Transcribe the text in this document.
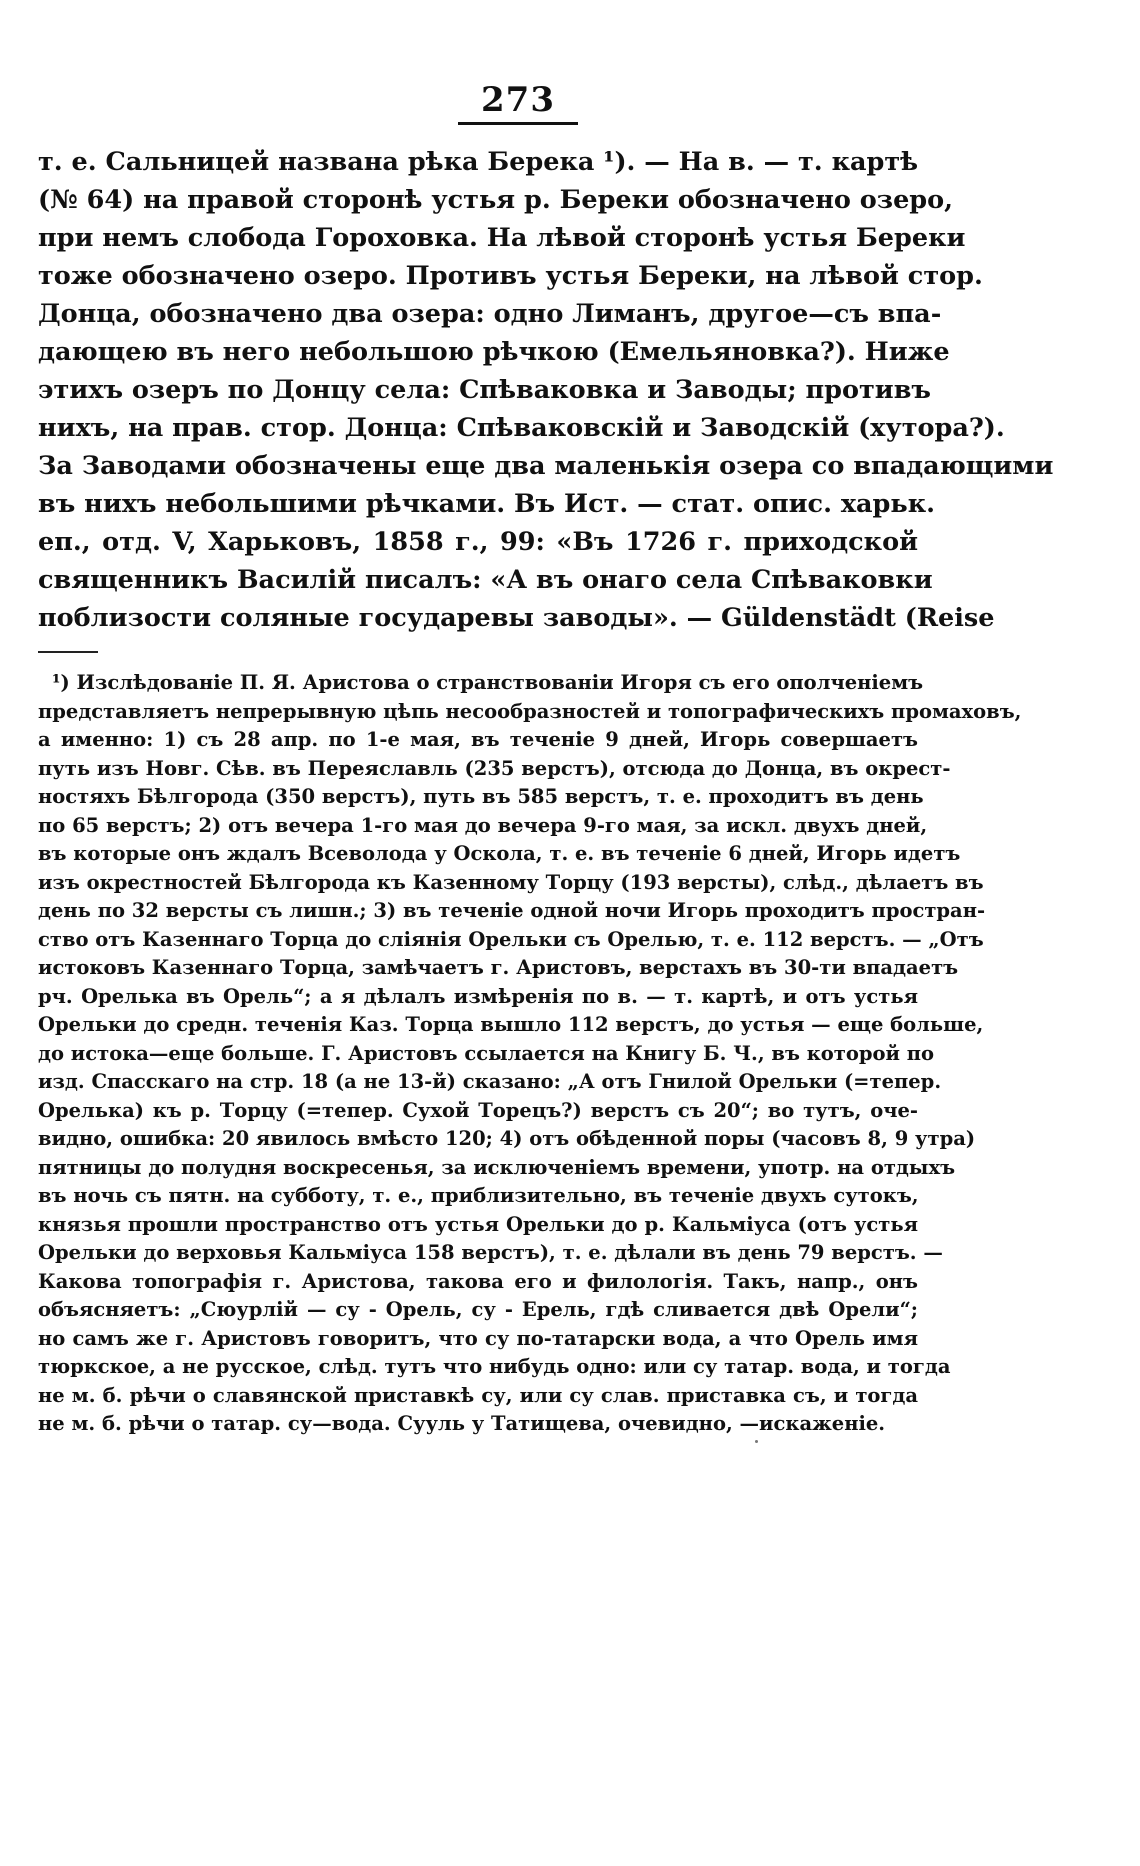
273
т. е. Сальницей названа рѣка Берека ¹). — На в. — т. картѣ
(№ 64) на правой сторонѣ устья р. Береки обозначено озеро,
при немъ слобода Гороховка. На лѣвой сторонѣ устья Береки
тоже обозначено озеро. Противъ устья Береки, на лѣвой стор.
Донца, обозначено два озера: одно Лиманъ, другое—съ впа-
дающею въ него небольшою рѣчкою (Емельяновка?). Ниже
этихъ озеръ по Донцу села: Спѣваковка и Заводы; противъ
нихъ, на прав. стор. Донца: Спѣваковскій и Заводскій (хутора?).
За Заводами обозначены еще два маленькія озера со впадающими
въ нихъ небольшими рѣчками. Въ Ист. — стат. опис. харьк.
еп., отд. V, Харьковъ, 1858 г., 99: «Въ 1726 г. приходской
священникъ Василій писалъ: «А въ онаго села Спѣваковки
поблизости соляные государевы заводы». — Güldenstädt (Reise
¹) Изслѣдованіе П. Я. Аристова о странствованіи Игоря съ его ополченіемъ
представляетъ непрерывную цѣпь несообразностей и топографическихъ промаховъ,
а именно: 1) съ 28 апр. по 1-е мая, въ теченіе 9 дней, Игорь совершаетъ
путь изъ Новг. Сѣв. въ Переяславль (235 верстъ), отсюда до Донца, въ окрест-
ностяхъ Бѣлгорода (350 верстъ), путь въ 585 верстъ, т. е. проходитъ въ день
по 65 верстъ; 2) отъ вечера 1-го мая до вечера 9-го мая, за искл. двухъ дней,
въ которые онъ ждалъ Всеволода у Оскола, т. е. въ теченіе 6 дней, Игорь идетъ
изъ окрестностей Бѣлгорода къ Казенному Торцу (193 версты), слѣд., дѣлаетъ въ
день по 32 версты съ лишн.; 3) въ теченіе одной ночи Игорь проходитъ простран-
ство отъ Казеннаго Торца до сліянія Орельки съ Орелью, т. е. 112 верстъ. — „Отъ
истоковъ Казеннаго Торца, замѣчаетъ г. Аристовъ, верстахъ въ 30-ти впадаетъ
рч. Орелька въ Орель“; а я дѣлалъ измѣренія по в. — т. картѣ, и отъ устья
Орельки до средн. теченія Каз. Торца вышло 112 верстъ, до устья — еще больше,
до истока—еще больше. Г. Аристовъ ссылается на Книгу Б. Ч., въ которой по
изд. Спасскаго на стр. 18 (а не 13-й) сказано: „А отъ Гнилой Орельки (=тепер.
Орелька) къ р. Торцу (=тепер. Сухой Торецъ?) верстъ съ 20“; во тутъ, оче-
видно, ошибка: 20 явилось вмѣсто 120; 4) отъ обѣденной поры (часовъ 8, 9 утра)
пятницы до полудня воскресенья, за исключеніемъ времени, употр. на отдыхъ
въ ночь съ пятн. на субботу, т. е., приблизительно, въ теченіе двухъ сутокъ,
князья прошли пространство отъ устья Орельки до р. Кальміуса (отъ устья
Орельки до верховья Кальміуса 158 верстъ), т. е. дѣлали въ день 79 верстъ. —
Какова топографія г. Аристова, такова его и филологія. Такъ, напр., онъ
объясняетъ: „Сюурлій — су - Орель, су - Ерель, гдѣ сливается двѣ Орели“;
но самъ же г. Аристовъ говоритъ, что су по-татарски вода, а что Орель имя
тюркское, а не русское, слѣд. тутъ что нибудь одно: или су татар. вода, и тогда
не м. б. рѣчи о славянской приставкѣ су, или су слав. приставка съ, и тогда
не м. б. рѣчи о татар. су—вода. Сууль у Татищева, очевидно, —искаженіе.
